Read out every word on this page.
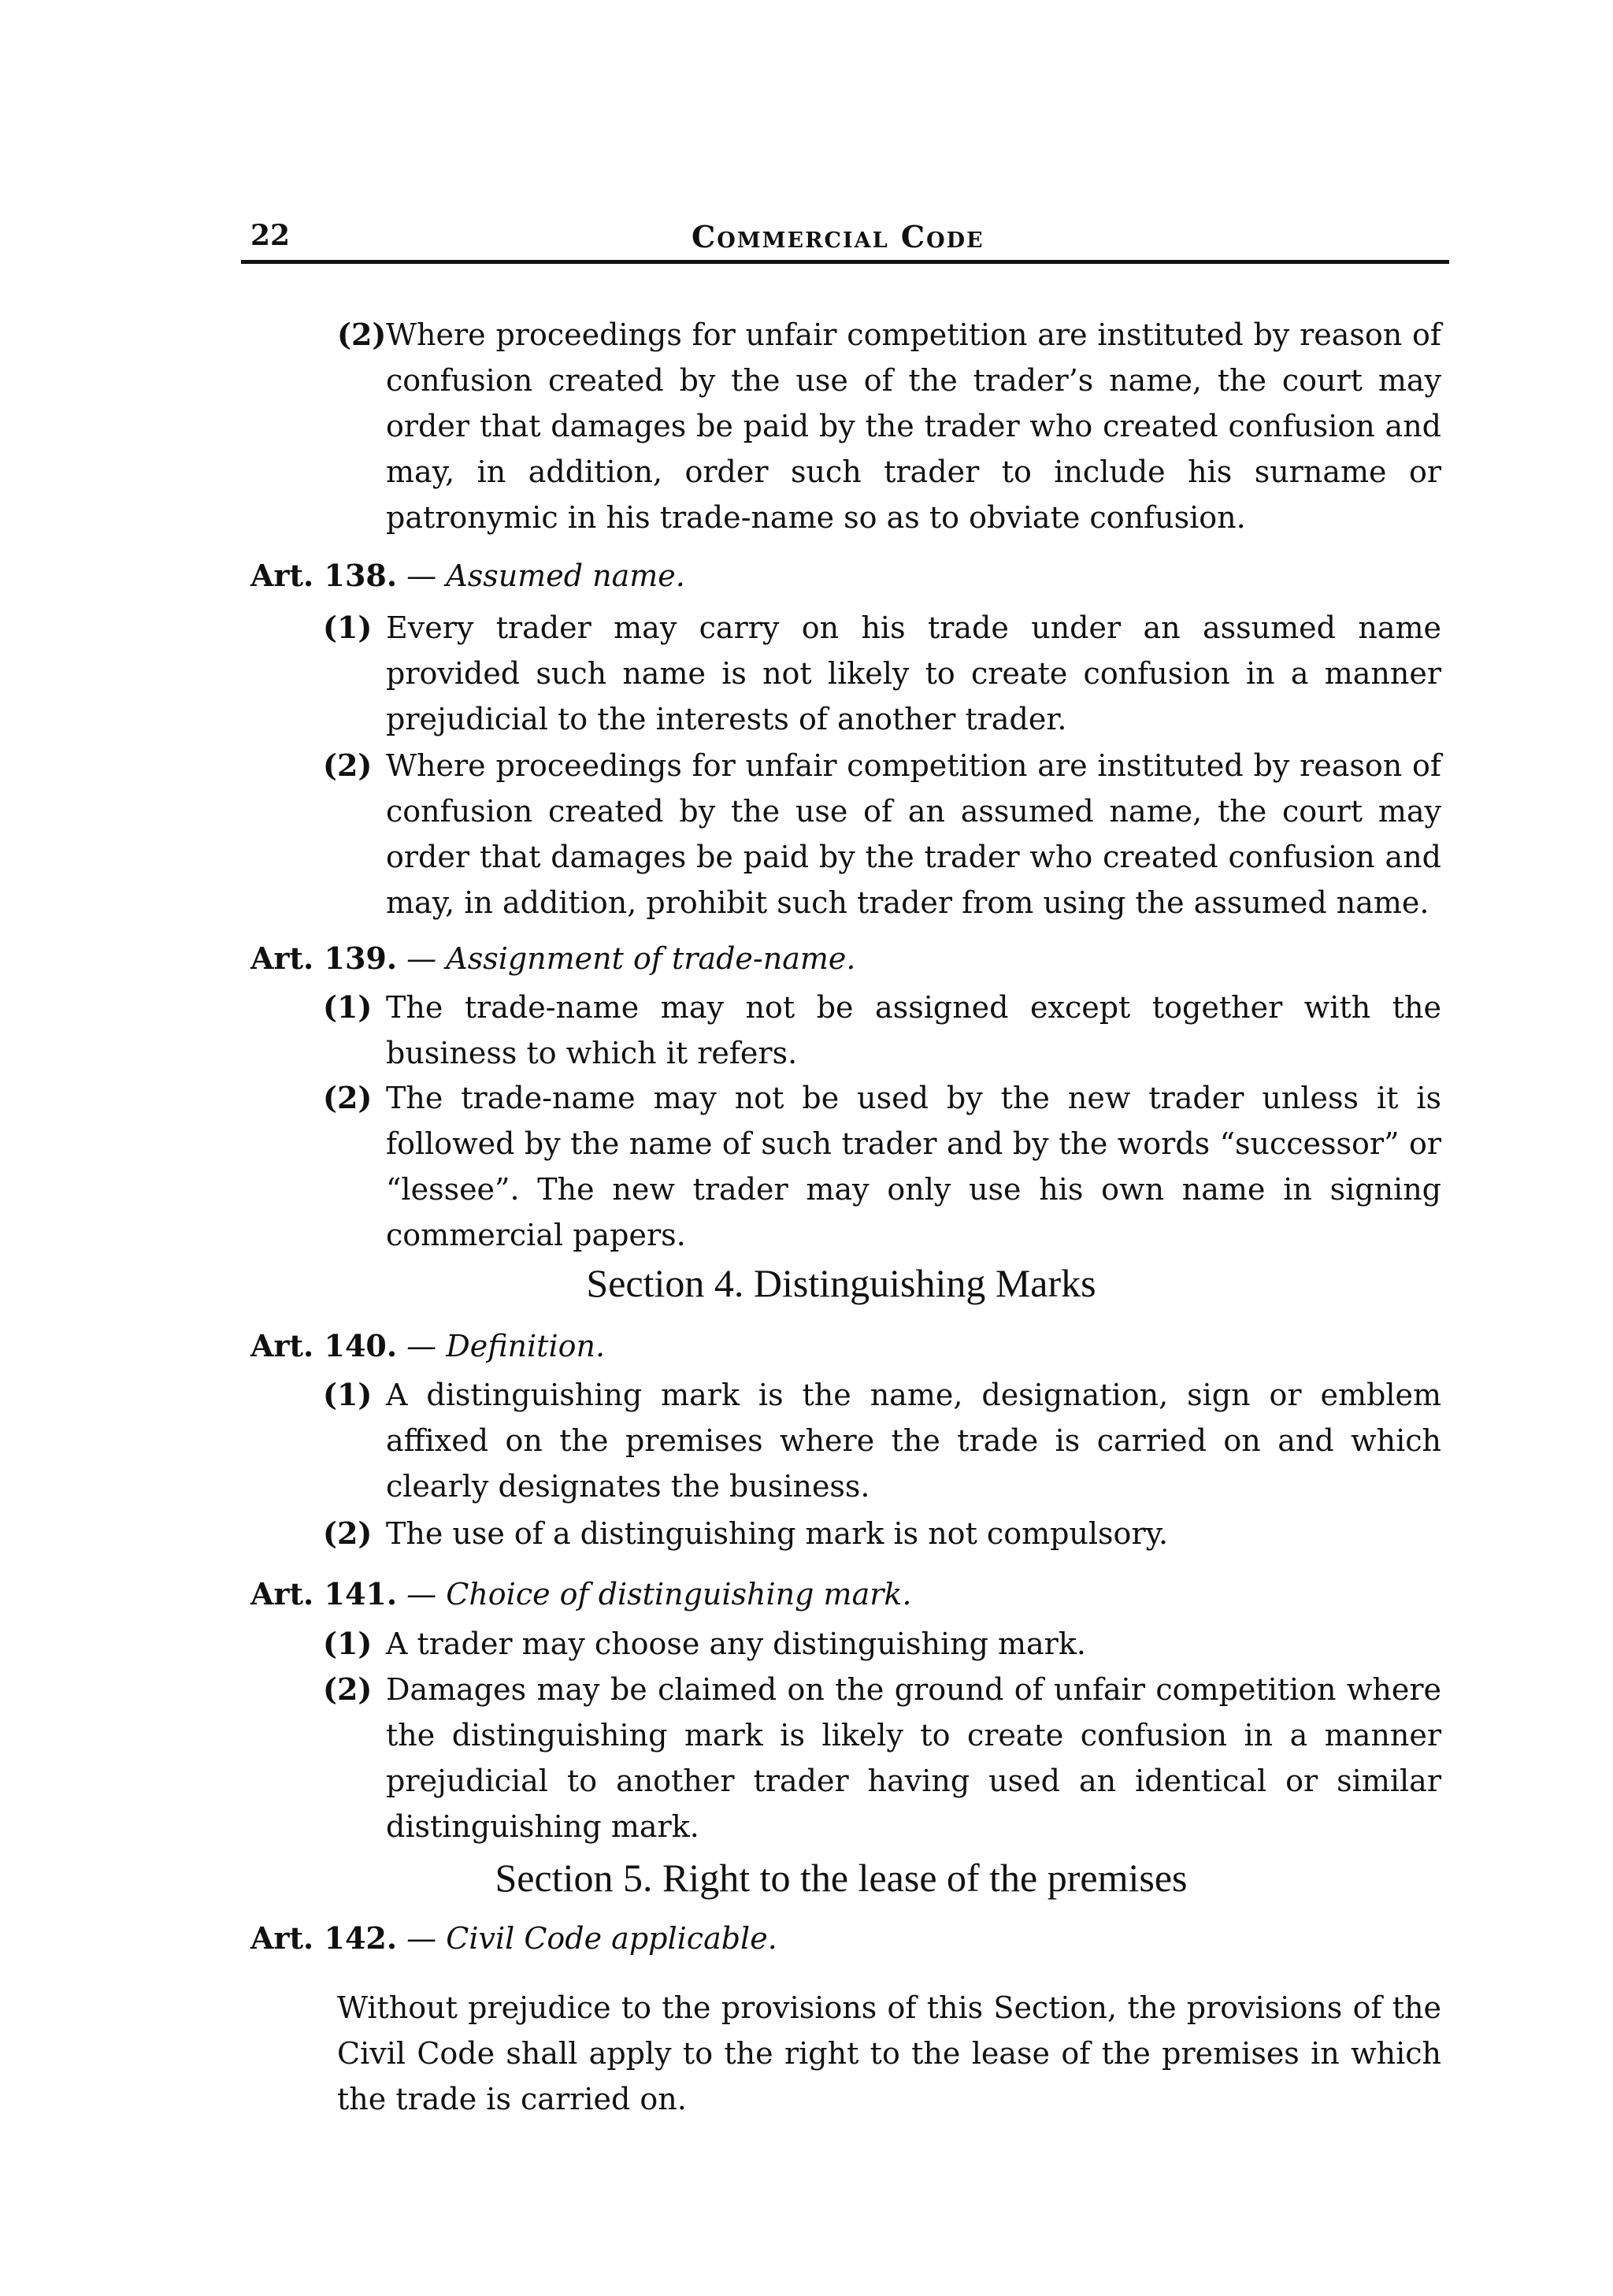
22	Commercial Code
(2) Where proceedings for unfair competition are instituted by reason of confusion created by the use of the trader’s name, the court may order that damages be paid by the trader who created confusion and may, in addition, order such trader to include his surname or patronymic in his trade-name so as to obviate confusion.
Art. 138. — Assumed name.
(1) Every trader may carry on his trade under an assumed name provided such name is not likely to create confusion in a manner prejudicial to the interests of another trader.
(2) Where proceedings for unfair competition are instituted by reason of confusion created by the use of an assumed name, the court may order that damages be paid by the trader who created confusion and may, in addition, prohibit such trader from using the assumed name.
Art. 139. — Assignment of trade-name.
(1) The trade-name may not be assigned except together with the business to which it refers.
(2) The trade-name may not be used by the new trader unless it is followed by the name of such trader and by the words “successor” or “lessee”. The new trader may only use his own name in signing commercial papers.
Section 4. Distinguishing Marks
Art. 140. — Definition.
(1) A distinguishing mark is the name, designation, sign or emblem affixed on the premises where the trade is carried on and which clearly designates the business.
(2) The use of a distinguishing mark is not compulsory.
Art. 141. — Choice of distinguishing mark.
(1) A trader may choose any distinguishing mark.
(2) Damages may be claimed on the ground of unfair competition where the distinguishing mark is likely to create confusion in a manner prejudicial to another trader having used an identical or similar distinguishing mark.
Section 5. Right to the lease of the premises
Art. 142. — Civil Code applicable.
Without prejudice to the provisions of this Section, the provisions of the Civil Code shall apply to the right to the lease of the premises in which the trade is carried on.
